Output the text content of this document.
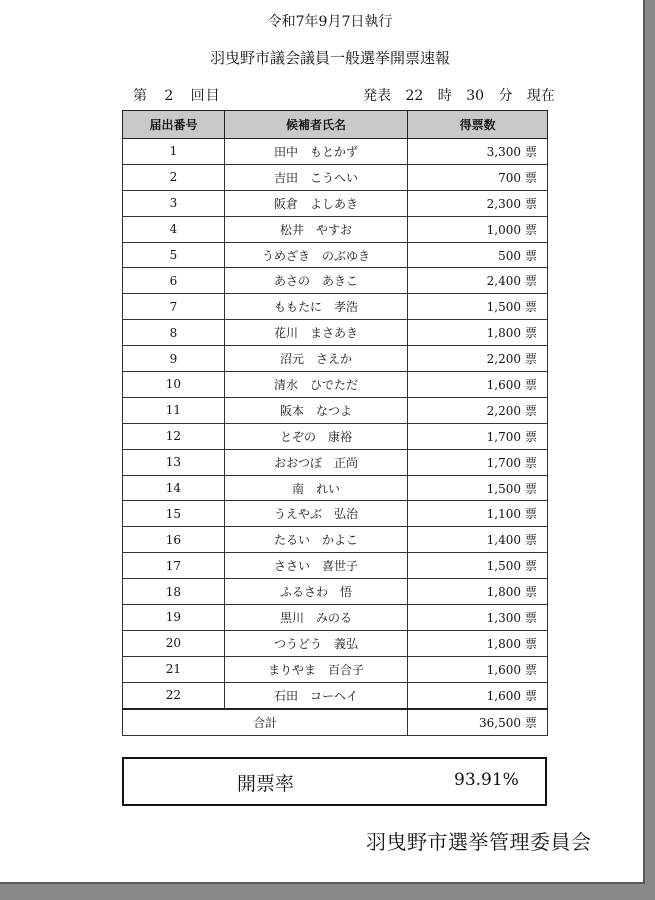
令和7年9月7日執行
羽曳野市議会議員一般選挙開票速報
第 2 回目	発表 22 時 30 分 現在
届出番号	候補者氏名	得票数
1	田中　もとかず	3,300 票
2	吉田　こうへい	700 票
3	阪倉　よしあき	2,300 票
4	松井　やすお	1,000 票
5	うめざき　のぶゆき	500 票
6	あさの　あきこ	2,400 票
7	ももたに　孝浩	1,500 票
8	花川　まさあき	1,800 票
9	沼元　さえか	2,200 票
10	清水　ひでただ	1,600 票
11	阪本　なつよ	2,200 票
12	とぞの　康裕	1,700 票
13	おおつぼ　正尚	1,700 票
14	南　れい	1,500 票
15	うえやぶ　弘治	1,100 票
16	たるい　かよこ	1,400 票
17	ささい　喜世子	1,500 票
18	ふるさわ　悟	1,800 票
19	黒川　みのる	1,300 票
20	つうどう　義弘	1,800 票
21	まりやま　百合子	1,600 票
22	石田　コーヘイ	1,600 票
合計		36,500 票
開票率	93.91%
羽曳野市選挙管理委員会
